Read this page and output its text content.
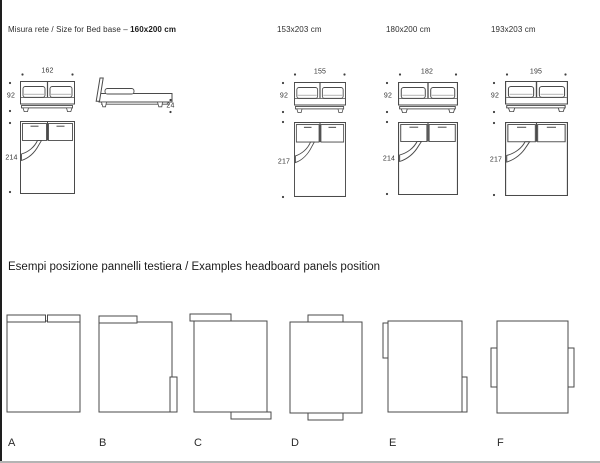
Misura rete / Size for Bed base – 160x200 cm	153x203 cm	180x200 cm	193x203 cm
162
92
24
214
155
92
217
182
92
214
195
92
217
Esempi posizione pannelli testiera / Examples headboard panels position
A	B	C	D	E	F
